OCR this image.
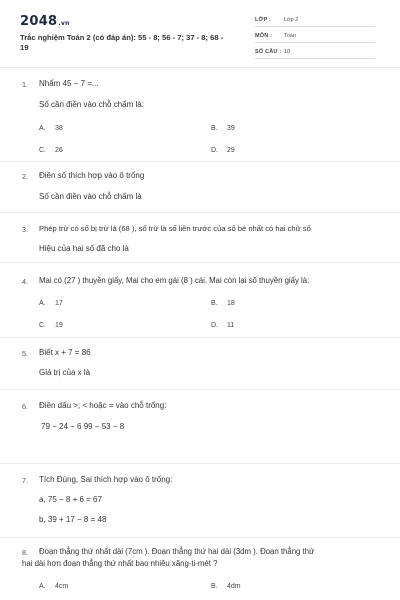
2048.vn
Trắc nghiệm Toán 2 (có đáp án): 55 - 8; 56 - 7; 37 - 8; 68 -
19
LỚP : Lớp 2
MÔN : Toán
SỐ CÂU : 10
1. Nhẩm 45 − 7 =...
Số cần điền vào chỗ chấm là:
A. 38	B. 39
C. 26	D. 29
2. Điền số thích hợp vào ô trống
Số cần điền vào chỗ chấm là
3. Phép trừ có số bị trừ là (68 ), số trừ là số liền trước của số bé nhất có hai chữ số
Hiệu của hai số đã cho là
4. Mai có (27 ) thuyền giấy, Mai cho em gái (8 ) cái. Mai còn lại số thuyền giấy là:
A. 17	B. 18
C. 19	D. 11
5. Biết x + 7 = 86
Giá trị của x là
6. Điền dấu >; < hoặc = vào chỗ trống:
79 − 24 − 6 99 − 53 − 8
7. Tích Đúng, Sai thích hợp vào ô trống:
a, 75 − 8 + 6 = 67
b, 39 + 17 − 8 = 48
8. Đoạn thẳng thứ nhất dài (7cm ). Đoạn thẳng thứ hai dài (3dm ). Đoạn thẳng thứ
hai dài hơn đoạn thẳng thứ nhất bao nhiêu xăng-ti-mét ?
A. 4cm	B. 4dm
